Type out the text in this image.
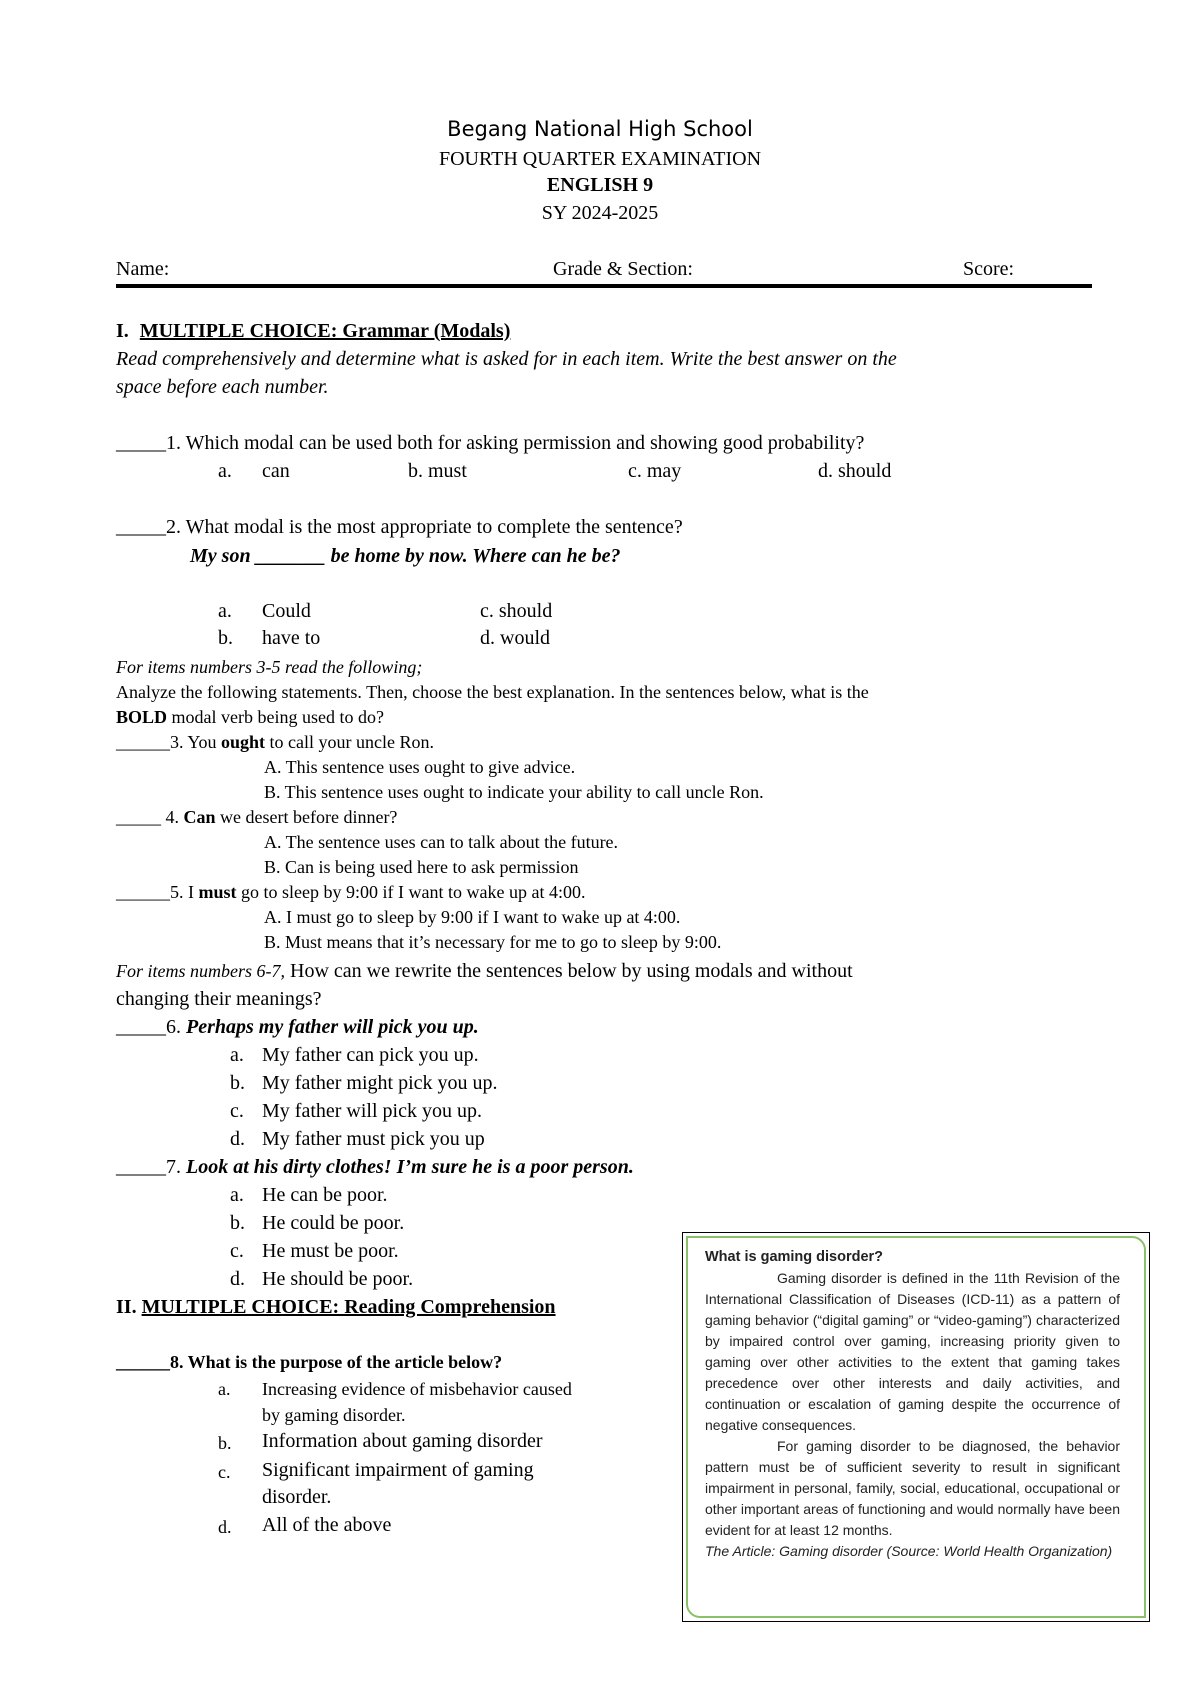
Begang National High School
FOURTH QUARTER EXAMINATION
ENGLISH 9
SY 2024-2025
Name:	Grade & Section:	Score:
I. MULTIPLE CHOICE: Grammar (Modals)
Read comprehensively and determine what is asked for in each item. Write the best answer on the
space before each number.
_____1. Which modal can be used both for asking permission and showing good probability?
a. can	b. must	c. may	d. should
_____2. What modal is the most appropriate to complete the sentence?
My son _______ be home by now. Where can he be?
a. Could	c. should
b. have to	d. would
For items numbers 3-5 read the following;
Analyze the following statements. Then, choose the best explanation. In the sentences below, what is the
BOLD modal verb being used to do?
______3. You ought to call your uncle Ron.
A. This sentence uses ought to give advice.
B. This sentence uses ought to indicate your ability to call uncle Ron.
_____ 4. Can we desert before dinner?
A. The sentence uses can to talk about the future.
B. Can is being used here to ask permission
______5. I must go to sleep by 9:00 if I want to wake up at 4:00.
A. I must go to sleep by 9:00 if I want to wake up at 4:00.
B. Must means that it’s necessary for me to go to sleep by 9:00.
For items numbers 6-7, How can we rewrite the sentences below by using modals and without
changing their meanings?
_____6. Perhaps my father will pick you up.
a. My father can pick you up.
b. My father might pick you up.
c. My father will pick you up.
d. My father must pick you up
_____7. Look at his dirty clothes! I’m sure he is a poor person.
a. He can be poor.
b. He could be poor.
c. He must be poor.
d. He should be poor.
II. MULTIPLE CHOICE: Reading Comprehension
______8. What is the purpose of the article below?
a. Increasing evidence of misbehavior caused
by gaming disorder.
b. Information about gaming disorder
c. Significant impairment of gaming
disorder.
d. All of the above

What is gaming disorder?

Gaming disorder is defined in the 11th Revision of the International Classification of Diseases (ICD-11) as a pattern of gaming behavior (“digital gaming” or “video-gaming”) characterized by impaired control over gaming, increasing priority given to gaming over other activities to the extent that gaming takes precedence over other interests and daily activities, and continuation or escalation of gaming despite the occurrence of negative consequences.

For gaming disorder to be diagnosed, the behavior pattern must be of sufficient severity to result in significant impairment in personal, family, social, educational, occupational or other important areas of functioning and would normally have been evident for at least 12 months.

The Article: Gaming disorder (Source: World Health Organization)
